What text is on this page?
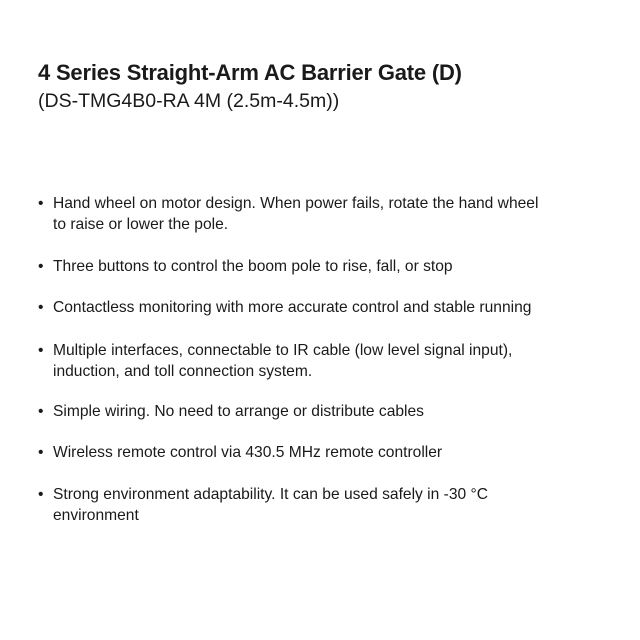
4 Series Straight-Arm AC Barrier Gate (D)
(DS-TMG4B0-RA 4M (2.5m-4.5m))
• Hand wheel on motor design. When power fails, rotate the hand wheel
to raise or lower the pole.
• Three buttons to control the boom pole to rise, fall, or stop
• Contactless monitoring with more accurate control and stable running
• Multiple interfaces, connectable to IR cable (low level signal input),
induction, and toll connection system.
• Simple wiring. No need to arrange or distribute cables
• Wireless remote control via 430.5 MHz remote controller
• Strong environment adaptability. It can be used safely in -30 °C
environment
